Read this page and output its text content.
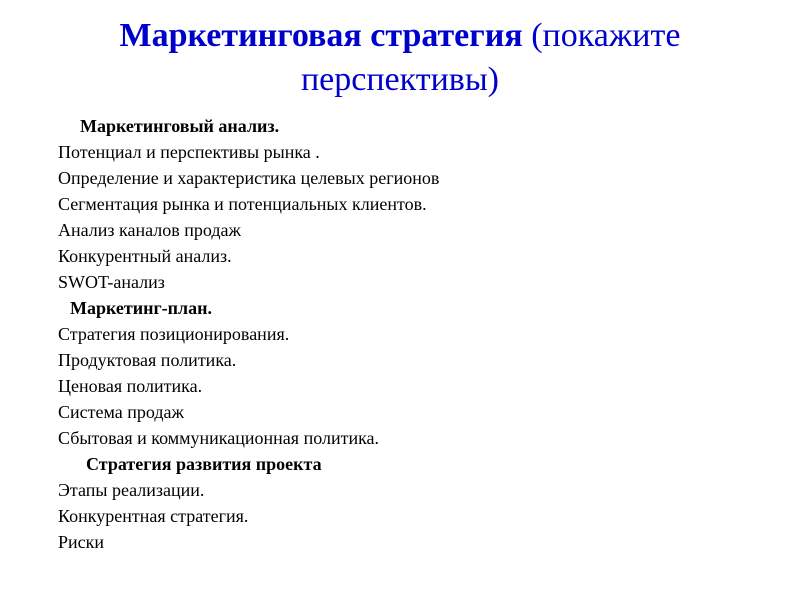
Маркетинговая стратегия (покажите
перспективы)
Маркетинговый анализ.
Потенциал и перспективы рынка .
Определение и характеристика целевых регионов
Сегментация рынка и потенциальных клиентов.
Анализ каналов продаж
Конкурентный анализ.
SWOT-анализ
Маркетинг-план.
Стратегия позиционирования.
Продуктовая политика.
Ценовая политика.
Система продаж
Сбытовая и коммуникационная политика.
Стратегия развития проекта
Этапы реализации.
Конкурентная стратегия.
Риски
